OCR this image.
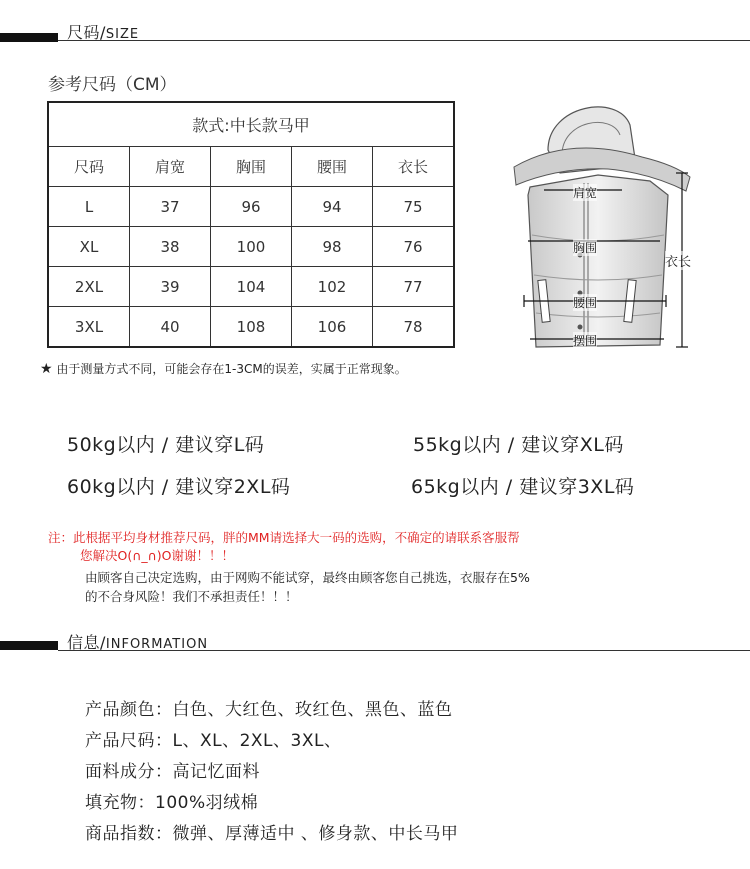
尺码/SIZE
参考尺码（CM）
款式:中长款马甲				
尺码	肩宽	胸围	腰围	衣长
L	37	96	94	75
XL	38	100	98	76
2XL	39	104	102	77
3XL	40	108	106	78
肩宽
胸围
腰围
摆围
衣长
★ 由于测量方式不同，可能会存在1-3CM的误差，实属于正常现象。
50kg以内 / 建议穿L码	55kg以内 / 建议穿XL码
60kg以内 / 建议穿2XL码	65kg以内 / 建议穿3XL码
注：此根据平均身材推荐尺码，胖的MM请选择大一码的选购，不确定的请联系客服帮
您解决O(∩_∩)O谢谢！！！
由顾客自己决定选购，由于网购不能试穿，最终由顾客您自己挑选，衣服存在5%
的不合身风险！我们不承担责任！！！
信息/INFORMATION
产品颜色：白色、大红色、玫红色、黑色、蓝色
产品尺码：L、XL、2XL、3XL、
面料成分：高记忆面料
填充物：100%羽绒棉
商品指数：微弹、厚薄适中 、修身款、中长马甲
